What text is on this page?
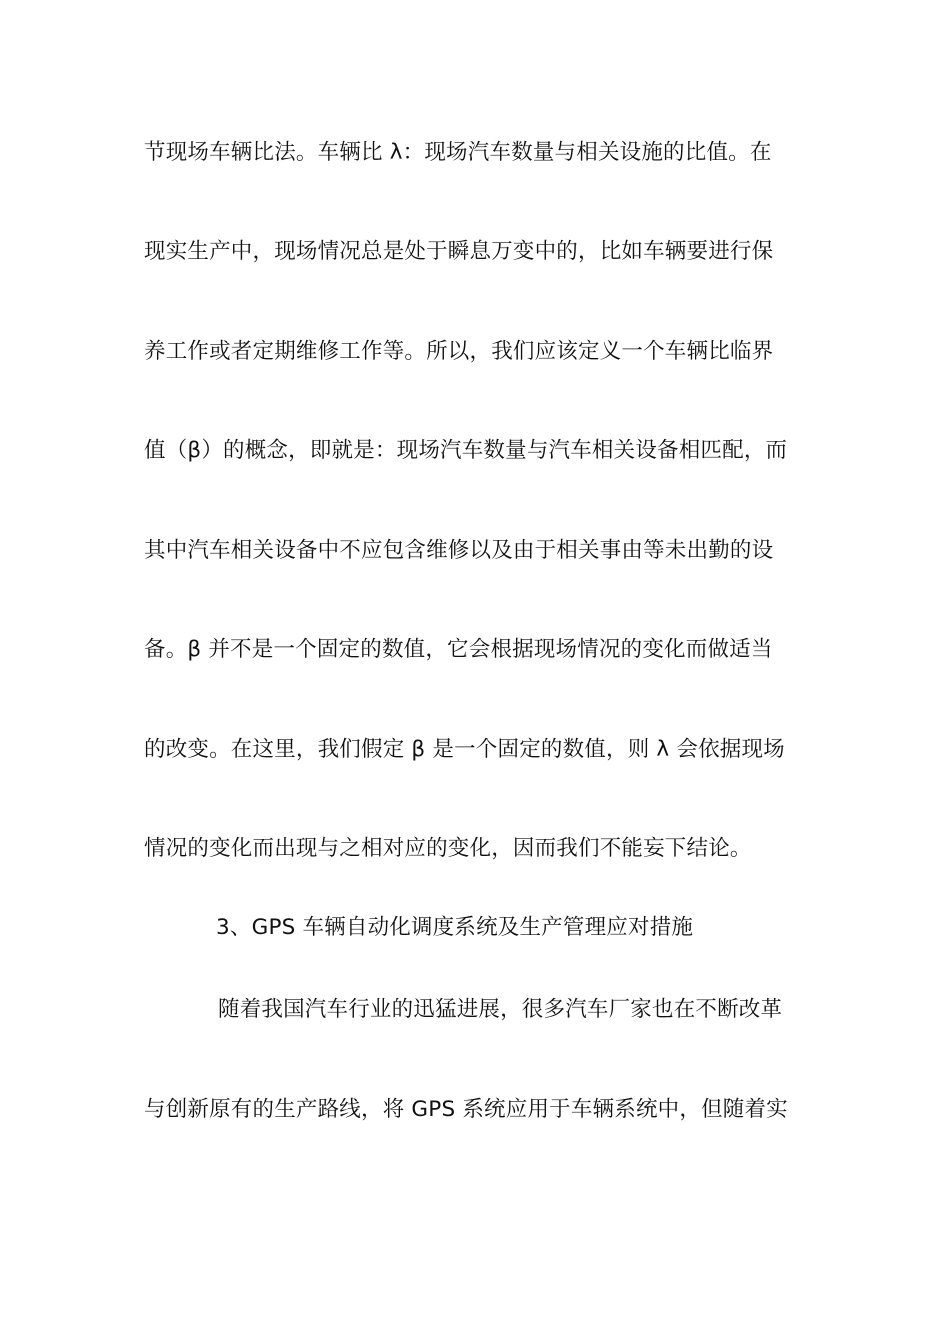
节现场车辆比法。车辆比 λ：现场汽车数量与相关设施的比值。在
现实生产中，现场情况总是处于瞬息万变中的，比如车辆要进行保
养工作或者定期维修工作等。所以，我们应该定义一个车辆比临界
值（β）的概念，即就是：现场汽车数量与汽车相关设备相匹配，而
其中汽车相关设备中不应包含维修以及由于相关事由等未出勤的设
备。β 并不是一个固定的数值，它会根据现场情况的变化而做适当
的改变。在这里，我们假定 β 是一个固定的数值，则 λ 会依据现场
情况的变化而出现与之相对应的变化，因而我们不能妄下结论。
3、GPS 车辆自动化调度系统及生产管理应对措施
随着我国汽车行业的迅猛进展，很多汽车厂家也在不断改革
与创新原有的生产路线，将 GPS 系统应用于车辆系统中，但随着实
